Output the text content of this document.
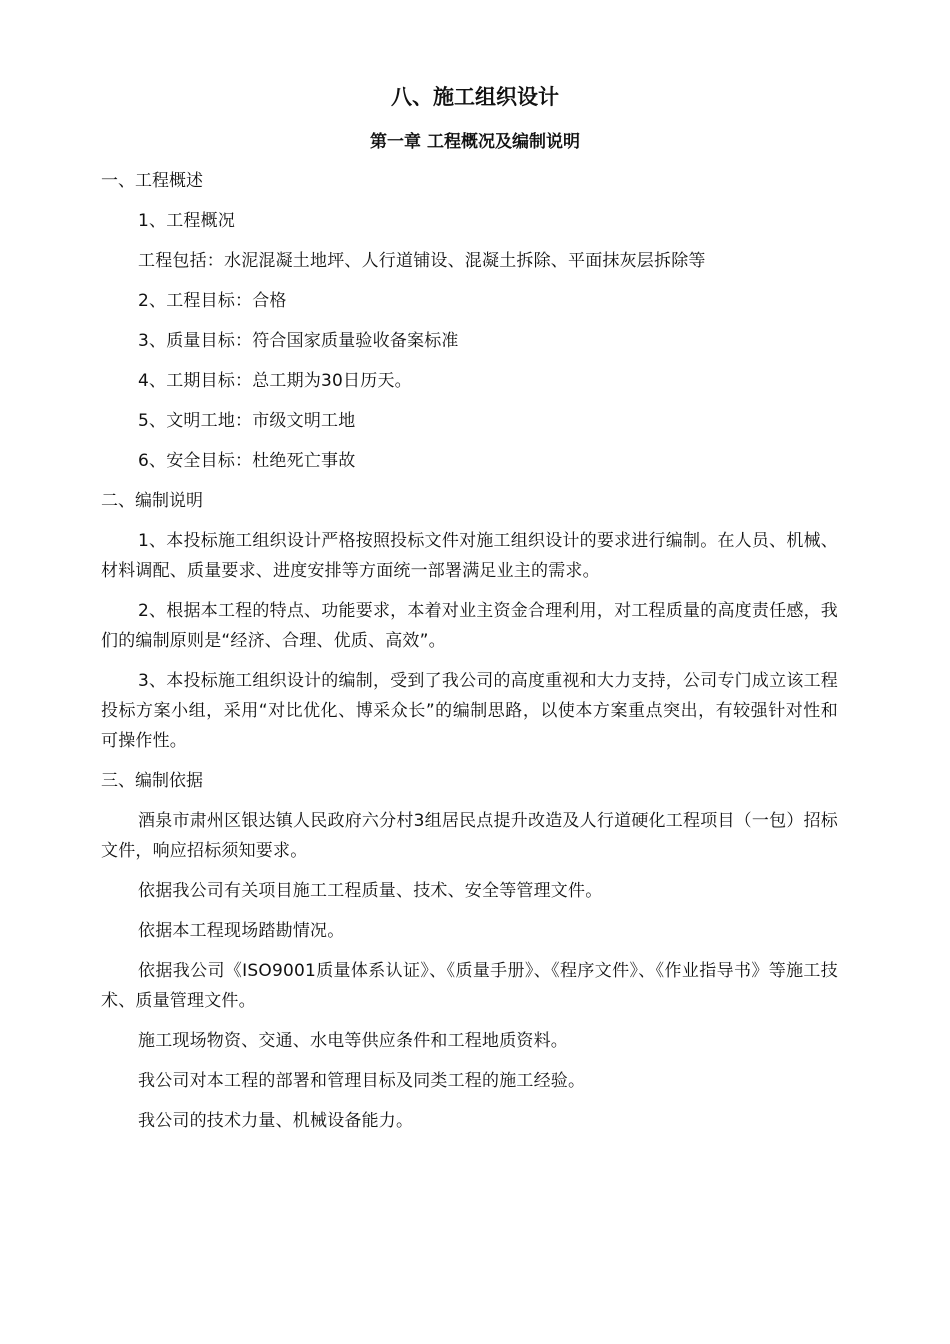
八、施工组织设计
第一章 工程概况及编制说明

一、工程概述

1、工程概况

工程包括：水泥混凝土地坪、人行道铺设、混凝土拆除、平面抹灰层拆除等

2、工程目标：合格

3、质量目标：符合国家质量验收备案标准

4、工期目标：总工期为30日历天。

5、文明工地：市级文明工地

6、安全目标：杜绝死亡事故

二、编制说明

1、本投标施工组织设计严格按照投标文件对施工组织设计的要求进行编制。在人员、机械、材料调配、质量要求、进度安排等方面统一部署满足业主的需求。

2、根据本工程的特点、功能要求，本着对业主资金合理利用，对工程质量的高度责任感，我们的编制原则是“经济、合理、优质、高效”。

3、本投标施工组织设计的编制，受到了我公司的高度重视和大力支持，公司专门成立该工程投标方案小组，采用“对比优化、博采众长”的编制思路，以使本方案重点突出，有较强针对性和可操作性。

三、编制依据

酒泉市肃州区银达镇人民政府六分村3组居民点提升改造及人行道硬化工程项目（一包）招标文件，响应招标须知要求。

依据我公司有关项目施工工程质量、技术、安全等管理文件。

依据本工程现场踏勘情况。

依据我公司《ISO9001质量体系认证》、《质量手册》、《程序文件》、《作业指导书》等施工技术、质量管理文件。

施工现场物资、交通、水电等供应条件和工程地质资料。

我公司对本工程的部署和管理目标及同类工程的施工经验。

我公司的技术力量、机械设备能力。
